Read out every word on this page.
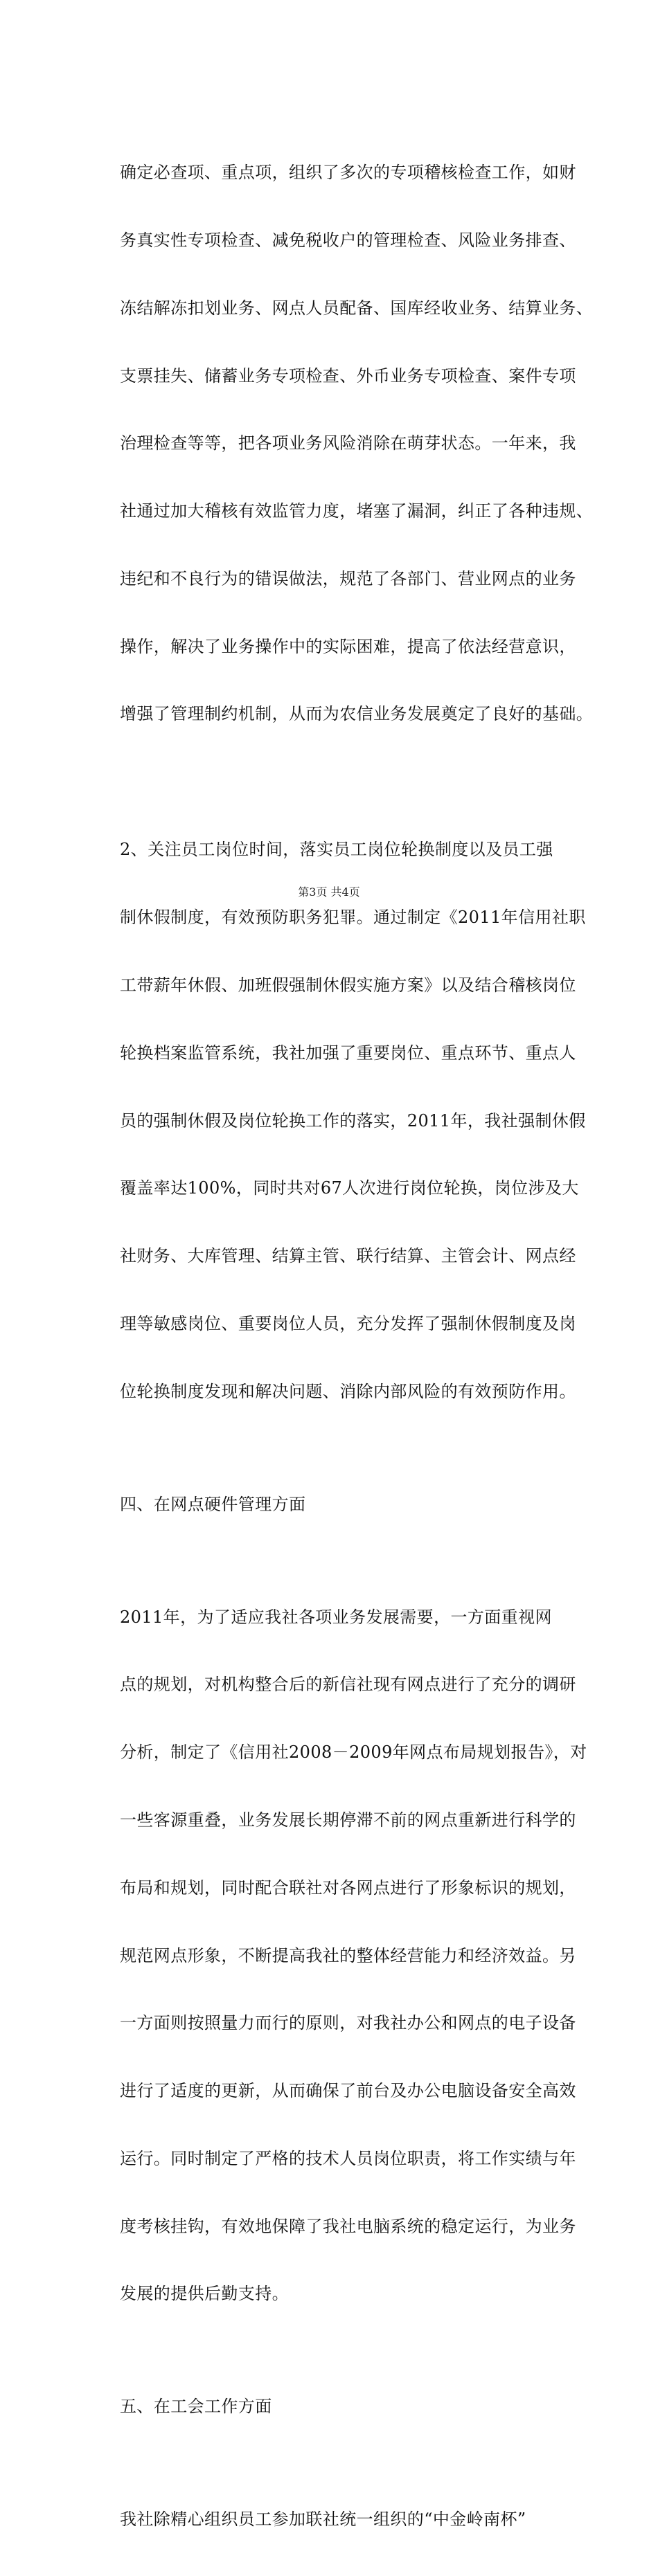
确定必查项、重点项，组织了多次的专项稽核检查工作，如财

务真实性专项检查、减免税收户的管理检查、风险业务排查、

冻结解冻扣划业务、网点人员配备、国库经收业务、结算业务、

支票挂失、储蓄业务专项检查、外币业务专项检查、案件专项

治理检查等等，把各项业务风险消除在萌芽状态。一年来，我

社通过加大稽核有效监管力度，堵塞了漏洞，纠正了各种违规、

违纪和不良行为的错误做法，规范了各部门、营业网点的业务

操作，解决了业务操作中的实际困难，提高了依法经营意识，

增强了管理制约机制，从而为农信业务发展奠定了良好的基础。

2、关注员工岗位时间，落实员工岗位轮换制度以及员工强

制休假制度，有效预防职务犯罪。通过制定《2011年信用社职

工带薪年休假、加班假强制休假实施方案》以及结合稽核岗位

轮换档案监管系统，我社加强了重要岗位、重点环节、重点人

员的强制休假及岗位轮换工作的落实，2011年，我社强制休假

覆盖率达100%，同时共对67人次进行岗位轮换，岗位涉及大

社财务、大库管理、结算主管、联行结算、主管会计、网点经

理等敏感岗位、重要岗位人员，充分发挥了强制休假制度及岗

位轮换制度发现和解决问题、消除内部风险的有效预防作用。

四、在网点硬件管理方面

2011年，为了适应我社各项业务发展需要，一方面重视网

点的规划，对机构整合后的新信社现有网点进行了充分的调研

分析，制定了《信用社2008－2009年网点布局规划报告》，对

一些客源重叠，业务发展长期停滞不前的网点重新进行科学的

布局和规划，同时配合联社对各网点进行了形象标识的规划，

规范网点形象，不断提高我社的整体经营能力和经济效益。另

一方面则按照量力而行的原则，对我社办公和网点的电子设备

进行了适度的更新，从而确保了前台及办公电脑设备安全高效

运行。同时制定了严格的技术人员岗位职责，将工作实绩与年

度考核挂钩，有效地保障了我社电脑系统的稳定运行，为业务

发展的提供后勤支持。

五、在工会工作方面

我社除精心组织员工参加联社统一组织的“中金岭南杯”

第3页 共4页
